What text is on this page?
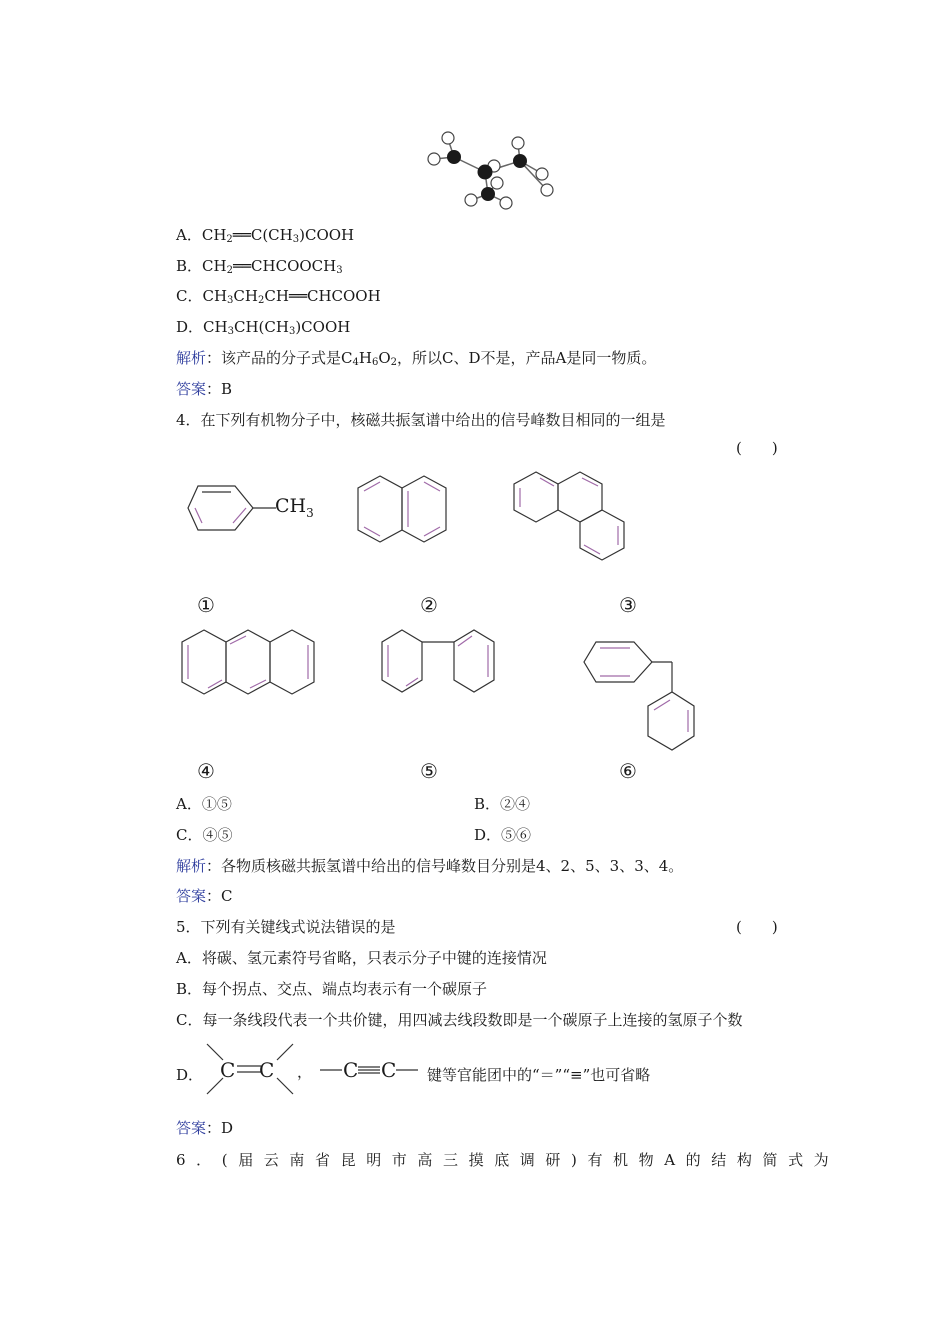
A．$CH_2══C(CH_3)COOH$
B．$CH_2══CHCOOCH_3$
C．$CH_3CH_2CH══CHCOOH$
D．$CH_3CH(CH_3)COOH$
解析：该产品的分子式是$C_4H_6O_2$，所以C、D不是，产品A是同一物质。
答案：B
4．在下列有机物分子中，核磁共振氢谱中给出的信号峰数目相同的一组是
(　　)
$CH_3$
①	②	③
④	⑤	⑥
A．①⑤	B．②④
C．④⑤	D．⑤⑥
解析：各物质核磁共振氢谱中给出的信号峰数目分别是4、2、5、3、3、4。
答案：C
5．下列有关键线式说法错误的是	(　　)
A．将碳、氢元素符号省略，只表示分子中键的连接情况
B．每个拐点、交点、端点均表示有一个碳原子
C．每一条线段代表一个共价键，用四减去线段数即是一个碳原子上连接的氢原子个数
D． C C ， C C 键等官能团中的“＝”“≡”也可省略
答案：D
6．(届云南省昆明市高三摸底调研)有机物A的结构简式为
